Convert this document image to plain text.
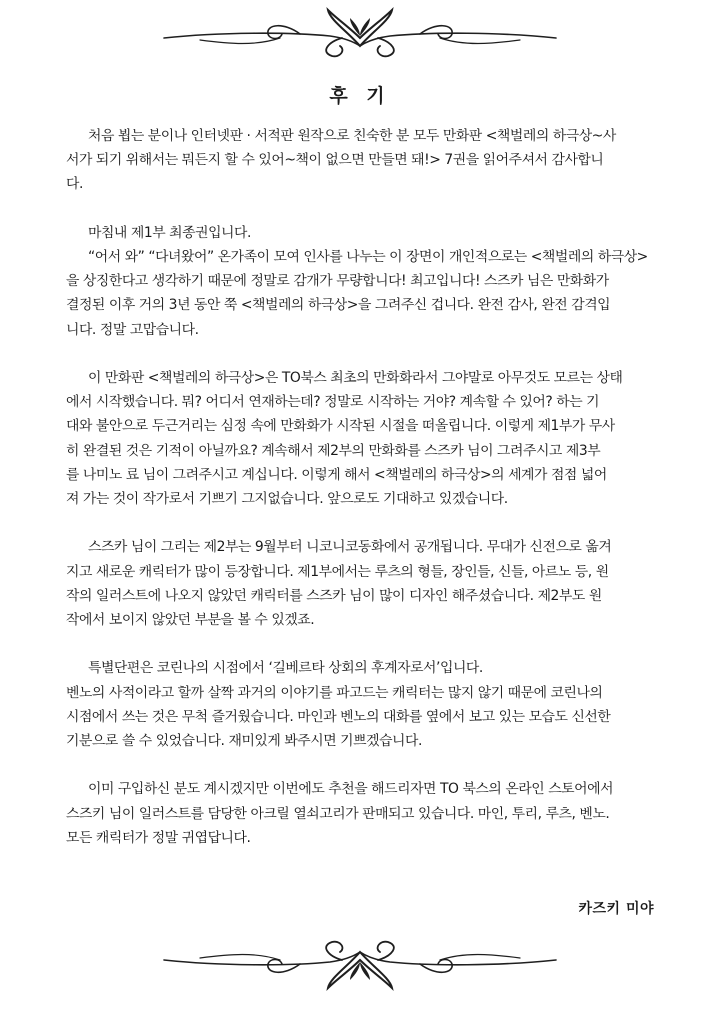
후 기
처음 뵙는 분이나 인터넷판 · 서적판 원작으로 친숙한 분 모두 만화판 <책벌레의 하극상~사
서가 되기 위해서는 뭐든지 할 수 있어~책이 없으면 만들면 돼!> 7권을 읽어주셔서 감사합니
다.
마침내 제1부 최종권입니다.
“어서 와” “다녀왔어” 온가족이 모여 인사를 나누는 이 장면이 개인적으로는 <책벌레의 하극상>
을 상징한다고 생각하기 때문에 정말로 감개가 무량합니다! 최고입니다! 스즈카 님은 만화화가
결정된 이후 거의 3년 동안 쭉 <책벌레의 하극상>을 그려주신 겁니다. 완전 감사, 완전 감격입
니다. 정말 고맙습니다.
이 만화판 <책벌레의 하극상>은 TO북스 최초의 만화화라서 그야말로 아무것도 모르는 상태
에서 시작했습니다. 뭐? 어디서 연재하는데? 정말로 시작하는 거야? 계속할 수 있어? 하는 기
대와 불안으로 두근거리는 심정 속에 만화화가 시작된 시절을 떠올립니다. 이렇게 제1부가 무사
히 완결된 것은 기적이 아닐까요? 계속해서 제2부의 만화화를 스즈카 님이 그려주시고 제3부
를 나미노 료 님이 그려주시고 계십니다. 이렇게 해서 <책벌레의 하극상>의 세계가 점점 넓어
져 가는 것이 작가로서 기쁘기 그지없습니다. 앞으로도 기대하고 있겠습니다.
스즈카 님이 그리는 제2부는 9월부터 니코니코동화에서 공개됩니다. 무대가 신전으로 옮겨
지고 새로운 캐릭터가 많이 등장합니다. 제1부에서는 루츠의 형들, 장인들, 신들, 아르노 등, 원
작의 일러스트에 나오지 않았던 캐릭터를 스즈카 님이 많이 디자인 해주셨습니다. 제2부도 원
작에서 보이지 않았던 부분을 볼 수 있겠죠.
특별단편은 코린나의 시점에서 ‘길베르타 상회의 후계자로서’입니다.
벤노의 사적이라고 할까 살짝 과거의 이야기를 파고드는 캐릭터는 많지 않기 때문에 코린나의
시점에서 쓰는 것은 무척 즐거웠습니다. 마인과 벤노의 대화를 옆에서 보고 있는 모습도 신선한
기분으로 쓸 수 있었습니다. 재미있게 봐주시면 기쁘겠습니다.
이미 구입하신 분도 계시겠지만 이번에도 추천을 해드리자면 TO 북스의 온라인 스토어에서
스즈키 님이 일러스트를 담당한 아크릴 열쇠고리가 판매되고 있습니다. 마인, 투리, 루츠, 벤노.
모든 캐릭터가 정말 귀엽답니다.
카즈키 미야
